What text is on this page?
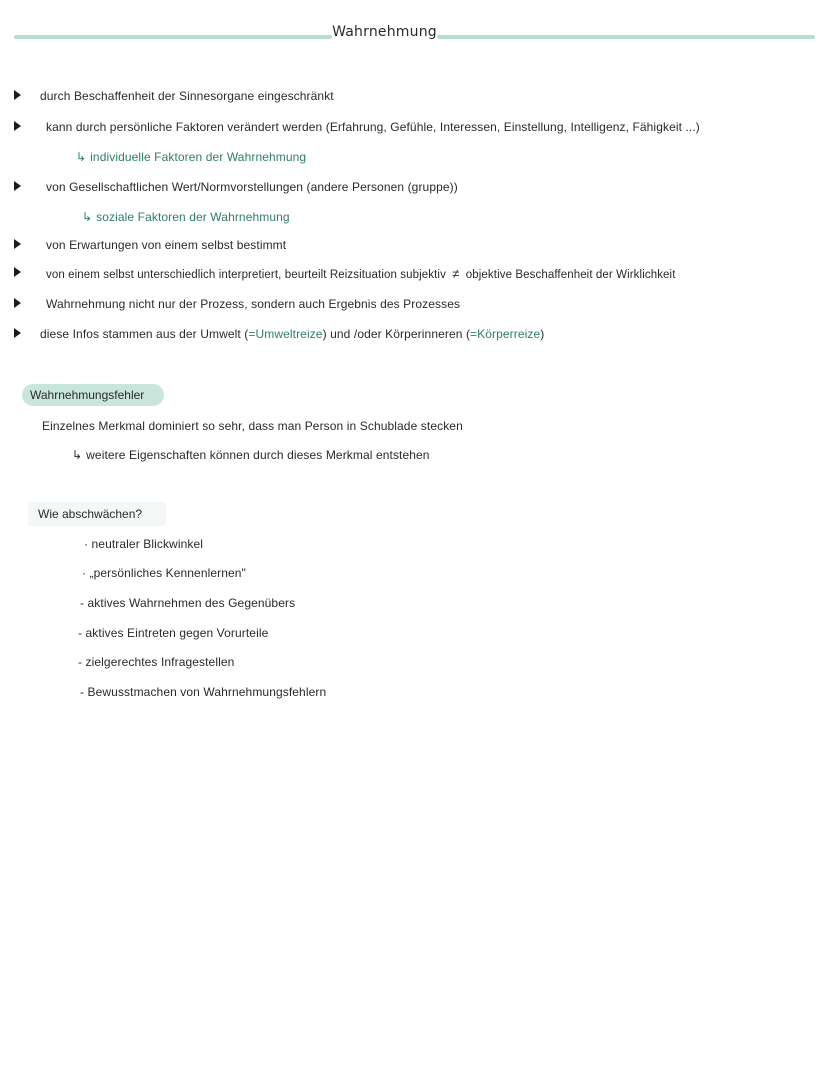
Wahrnehmung
durch Beschaffenheit der Sinnesorgane eingeschränkt
kann durch persönliche Faktoren verändert werden (Erfahrung, Gefühle, Interessen, Einstellung, Intelligenz, Fähigkeit ...)
↳ individuelle Faktoren der Wahrnehmung
von Gesellschaftlichen Wert/Normvorstellungen (andere Personen (gruppe))
↳ soziale Faktoren der Wahrnehmung
von Erwartungen von einem selbst bestimmt
von einem selbst unterschiedlich interpretiert, beurteilt Reizsituation subjektiv ≠ objektive Beschaffenheit der Wirklichkeit
Wahrnehmung nicht nur der Prozess, sondern auch Ergebnis des Prozesses
diese Infos stammen aus der Umwelt (=Umweltreize) und /oder Körperinneren (=Körperreize)
Wahrnehmungsfehler
Einzelnes Merkmal dominiert so sehr, dass man Person in Schublade stecken
↳ weitere Eigenschaften können durch dieses Merkmal entstehen
Wie abschwächen?
· neutraler Blickwinkel
· „persönliches Kennenlernen"
- aktives Wahrnehmen des Gegenübers
- aktives Eintreten gegen Vorurteile
- zielgerechtes Infragestellen
- Bewusstmachen von Wahrnehmungsfehlern
